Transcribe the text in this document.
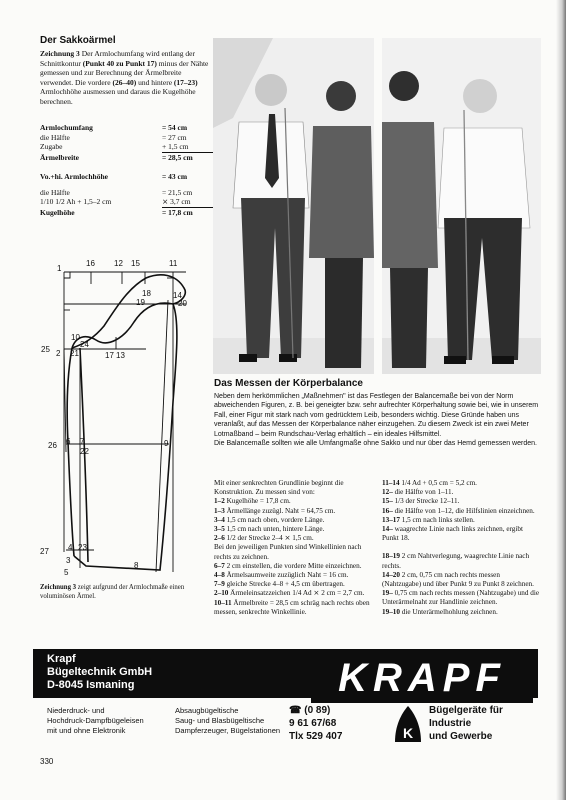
Der Sakkoärmel
Zeichnung 3 Der Armlochumfang wird entlang der Schnittkontur (Punkt 40 zu Punkt 17) minus der Nähte gemessen und zur Berechnung der Ärmelbreite verwendet. Die vordere (26–40) und hintere (17–23) Armlochhöhe ausmessen und daraus die Kugelhöhe berechnen.
Armlochumfang	= 54 cm
die Hälfte	= 27 cm
Zugabe	+ 1,5 cm
Ärmelbreite	= 28,5 cm
Vo.+hi. Armlochhöhe	= 43 cm
die Hälfte	= 21,5 cm
1/10 1/2 Ah + 1,5–2 cm	⨯ 3,7 cm
Kugelhöhe	= 17,8 cm
1
16 12 15	11
18
19
14
20
10
25 2 21
24
17 13
26 6 7
22
9
27 4 23
8
3
5
Zeichnung 3 zeigt aufgrund der Armlochmaße einen voluminösen Ärmel.
Das Messen der Körperbalance
Neben dem herkömmlichen „Maßnehmen" ist das Festlegen der Balancemaße bei von der Norm abweichenden Figuren, z. B. bei geneigter bzw. sehr aufrechter Körperhaltung sowie bei, wie in unserem Fall, einer Figur mit stark nach vorn gedrücktem Leib, besonders wichtig. Diese Gründe haben uns veranlaßt, auf das Messen der Körperbalance näher einzugehen. Zu diesem Zweck ist ein zwei Meter Lotmaßband – beim Rundschau-Verlag erhältlich – ein ideales Hilfsmittel.
Die Balancemaße sollten wie alle Umfangmaße ohne Sakko und nur über das Hemd gemessen werden.

Mit einer senkrechten Grundlinie beginnt die Konstruktion. Zu messen sind von:

1–2 Kugelhöhe = 17,8 cm.

1–3 Ärmellänge zuzügl. Naht = 64,75 cm.

3–4 1,5 cm nach oben, vordere Länge.

3–5 1,5 cm nach unten, hintere Länge.

2–6 1/2 der Strecke 2–4 ⨯ 1,5 cm.

Bei den jeweiligen Punkten sind Winkellinien nach rechts zu zeichnen.

6–7 2 cm einstellen, die vordere Mitte einzeichnen.

4–8 Ärmelsaumweite zuzüglich Naht = 16 cm.

7–9 gleiche Strecke 4–8 + 4,5 cm übertragen.

2–10 Ärmeleinsatzzeichen 1/4 Ad ⨯ 2 cm = 2,7 cm.

10–11 Ärmelbreite = 28,5 cm schräg nach rechts oben messen, senkrechte Winkellinie.

11–14 1/4 Ad + 0,5 cm = 5,2 cm.

12– die Hälfte von 1–11.

15– 1/3 der Strecke 12–11.

16– die Hälfte von 1–12, die Hilfslinien einzeichnen.

13–17 1,5 cm nach links stellen.

14– waagrechte Linie nach links zeichnen, ergibt Punkt 18.

18–19 2 cm Nahtverlegung, waagrechte Linie nach rechts.

14–20 2 cm, 0,75 cm nach rechts messen (Nahtzugabe) und über Punkt 9 zu Punkt 8 zeichnen.

19– 0,75 cm nach rechts messen (Nahtzugabe) und die Unterärmelnaht zur Handlinie zeichnen.

19–10 die Unterärmelhohlung zeichnen.

Krapf
Bügeltechnik GmbH
D-8045 Ismaning	KRAPF
Niederdruck- und
Hochdruck-Dampfbügeleisen
mit und ohne Elektronik
Absaugbügeltische
Saug- und Blasbügeltische
Dampferzeuger, Bügelstationen
☎ (0 89)
9 61 67/68
Tlx 529 407	K
Bügelgeräte für
Industrie
und Gewerbe
330
